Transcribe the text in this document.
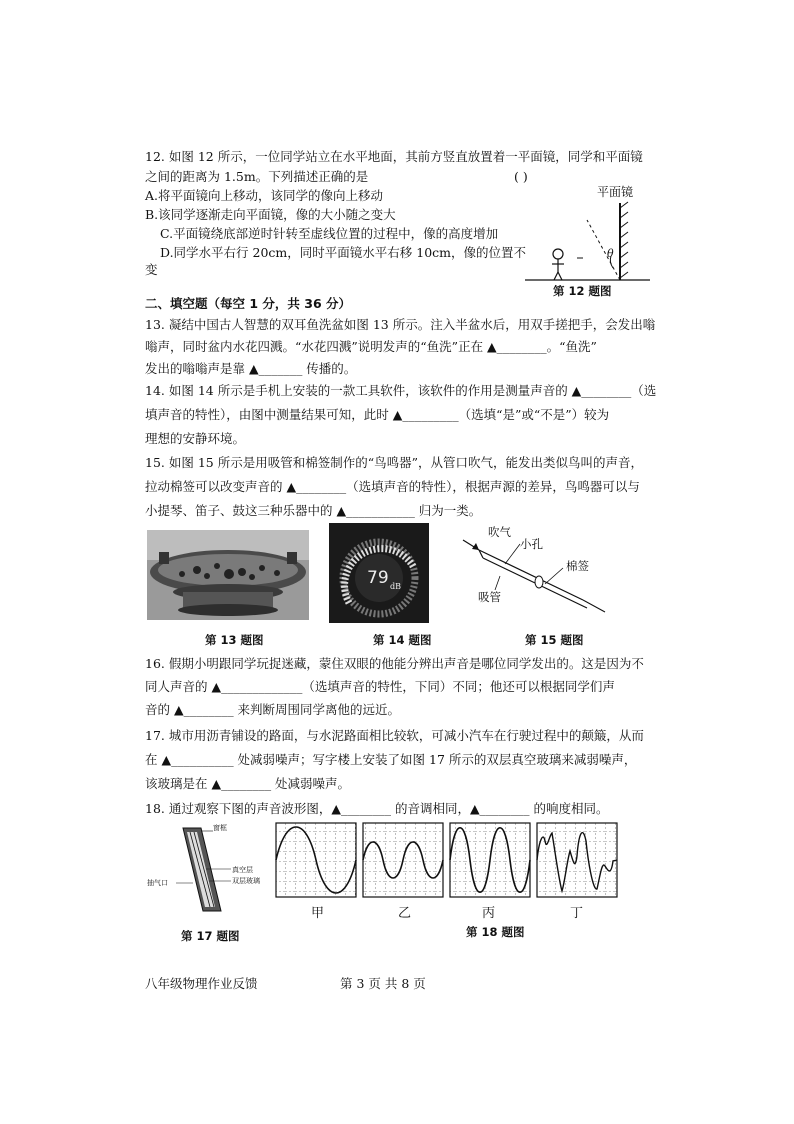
12. 如图 12 所示，一位同学站立在水平地面，其前方竖直放置着一平面镜，同学和平面镜
之间的距离为 1.5m。下列描述正确的是	( )
A.将平面镜向上移动，该同学的像向上移动
B.该同学逐渐走向平面镜，像的大小随之变大
C.平面镜绕底部逆时针转至虚线位置的过程中，像的高度增加
D.同学水平右行 20cm，同时平面镜水平右移 10cm，像的位置不
变
平面镜
θ
第 12 题图
二、填空题（每空 1 分，共 36 分）
13. 凝结中国古人智慧的双耳鱼洗盆如图 13 所示。注入半盆水后，用双手搓把手，会发出嗡
嗡声，同时盆内水花四溅。“水花四溅”说明发声的“鱼洗”正在 ▲________。“鱼洗”
发出的嗡嗡声是靠 ▲_______ 传播的。
14. 如图 14 所示是手机上安装的一款工具软件，该软件的作用是测量声音的 ▲________（选
填声音的特性），由图中测量结果可知，此时 ▲_________（选填“是”或“不是”）较为
理想的安静环境。
15. 如图 15 所示是用吸管和棉签制作的“鸟鸣器”，从管口吹气，能发出类似鸟叫的声音，
拉动棉签可以改变声音的 ▲________（选填声音的特性），根据声源的差异，鸟鸣器可以与
小提琴、笛子、鼓这三种乐器中的 ▲___________ 归为一类。
第 13 题图
79 dB
第 14 题图
吹气
小孔
棉签
吸管
第 15 题图
16. 假期小明跟同学玩捉迷藏，蒙住双眼的他能分辨出声音是哪位同学发出的。这是因为不
同人声音的 ▲_____________（选填声音的特性，下同）不同；他还可以根据同学们声
音的 ▲________ 来判断周围同学离他的远近。
17. 城市用沥青铺设的路面，与水泥路面相比较软，可减小汽车在行驶过程中的颠簸，从而
在 ▲__________ 处减弱噪声；写字楼上安装了如图 17 所示的双层真空玻璃来减弱噪声，
该玻璃是在 ▲________ 处减弱噪声。
18. 通过观察下图的声音波形图，▲________ 的音调相同，▲________ 的响度相同。
窗框
真空层
双层玻璃
抽气口
第 17 题图
甲	乙	丙	丁
第 18 题图
八年级物理作业反馈	第 3 页 共 8 页
